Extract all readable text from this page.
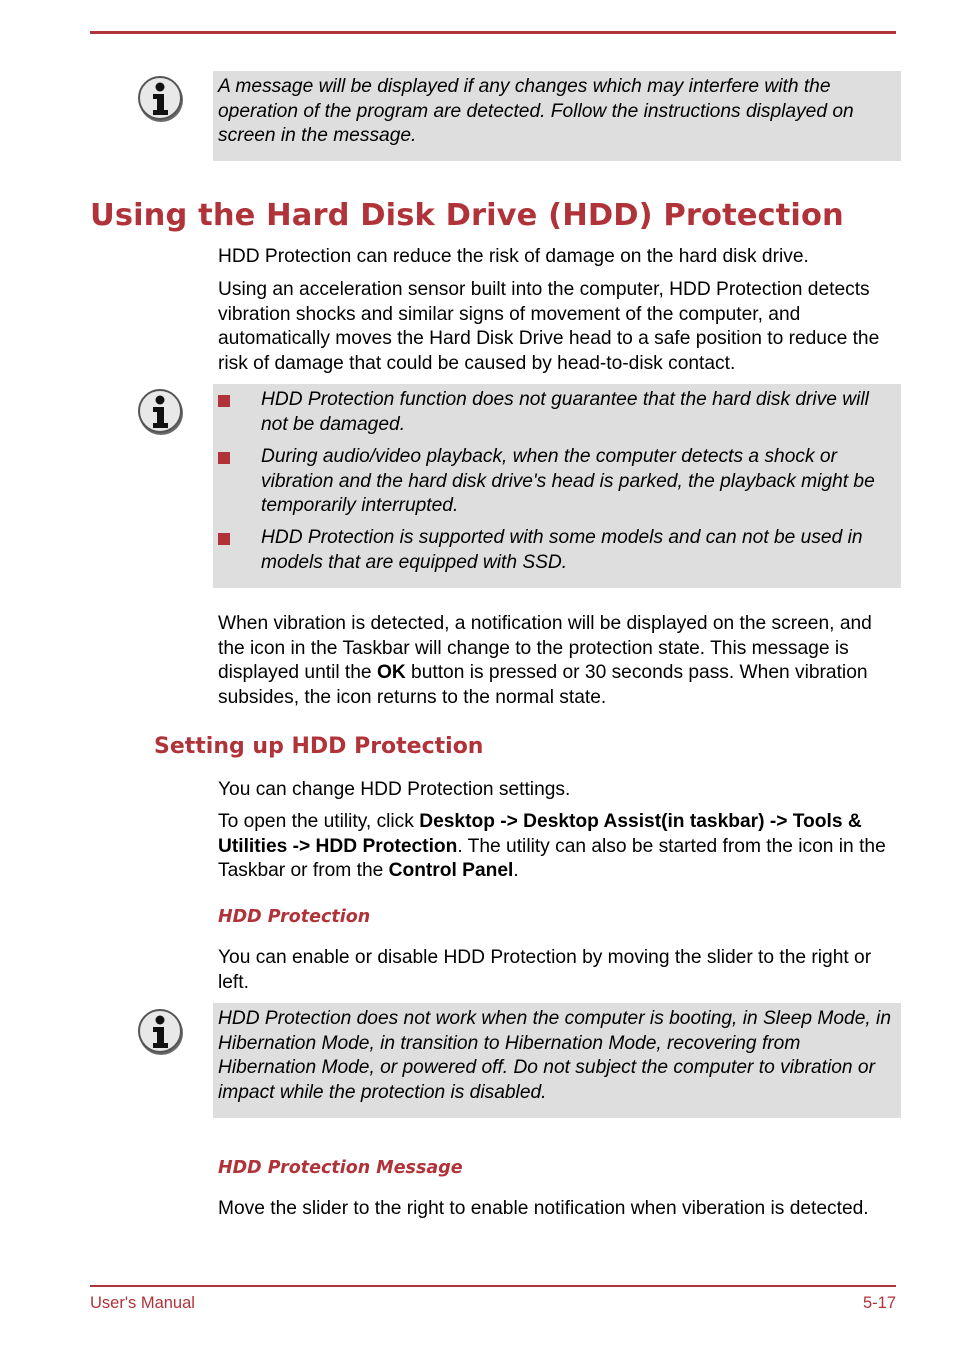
A message will be displayed if any changes which may interfere with the operation of the program are detected. Follow the instructions displayed on screen in the message.
Using the Hard Disk Drive (HDD) Protection
HDD Protection can reduce the risk of damage on the hard disk drive.
Using an acceleration sensor built into the computer, HDD Protection detects vibration shocks and similar signs of movement of the computer, and automatically moves the Hard Disk Drive head to a safe position to reduce the risk of damage that could be caused by head-to-disk contact.
HDD Protection function does not guarantee that the hard disk drive will not be damaged.
During audio/video playback, when the computer detects a shock or vibration and the hard disk drive's head is parked, the playback might be temporarily interrupted.
HDD Protection is supported with some models and can not be used in models that are equipped with SSD.
When vibration is detected, a notification will be displayed on the screen, and the icon in the Taskbar will change to the protection state. This message is displayed until the OK button is pressed or 30 seconds pass. When vibration subsides, the icon returns to the normal state.
Setting up HDD Protection
You can change HDD Protection settings.
To open the utility, click Desktop -> Desktop Assist(in taskbar) -> Tools & Utilities -> HDD Protection. The utility can also be started from the icon in the Taskbar or from the Control Panel.
HDD Protection
You can enable or disable HDD Protection by moving the slider to the right or left.
HDD Protection does not work when the computer is booting, in Sleep Mode, in Hibernation Mode, in transition to Hibernation Mode, recovering from Hibernation Mode, or powered off. Do not subject the computer to vibration or impact while the protection is disabled.
HDD Protection Message
Move the slider to the right to enable notification when viberation is detected.
User's Manual	5-17
